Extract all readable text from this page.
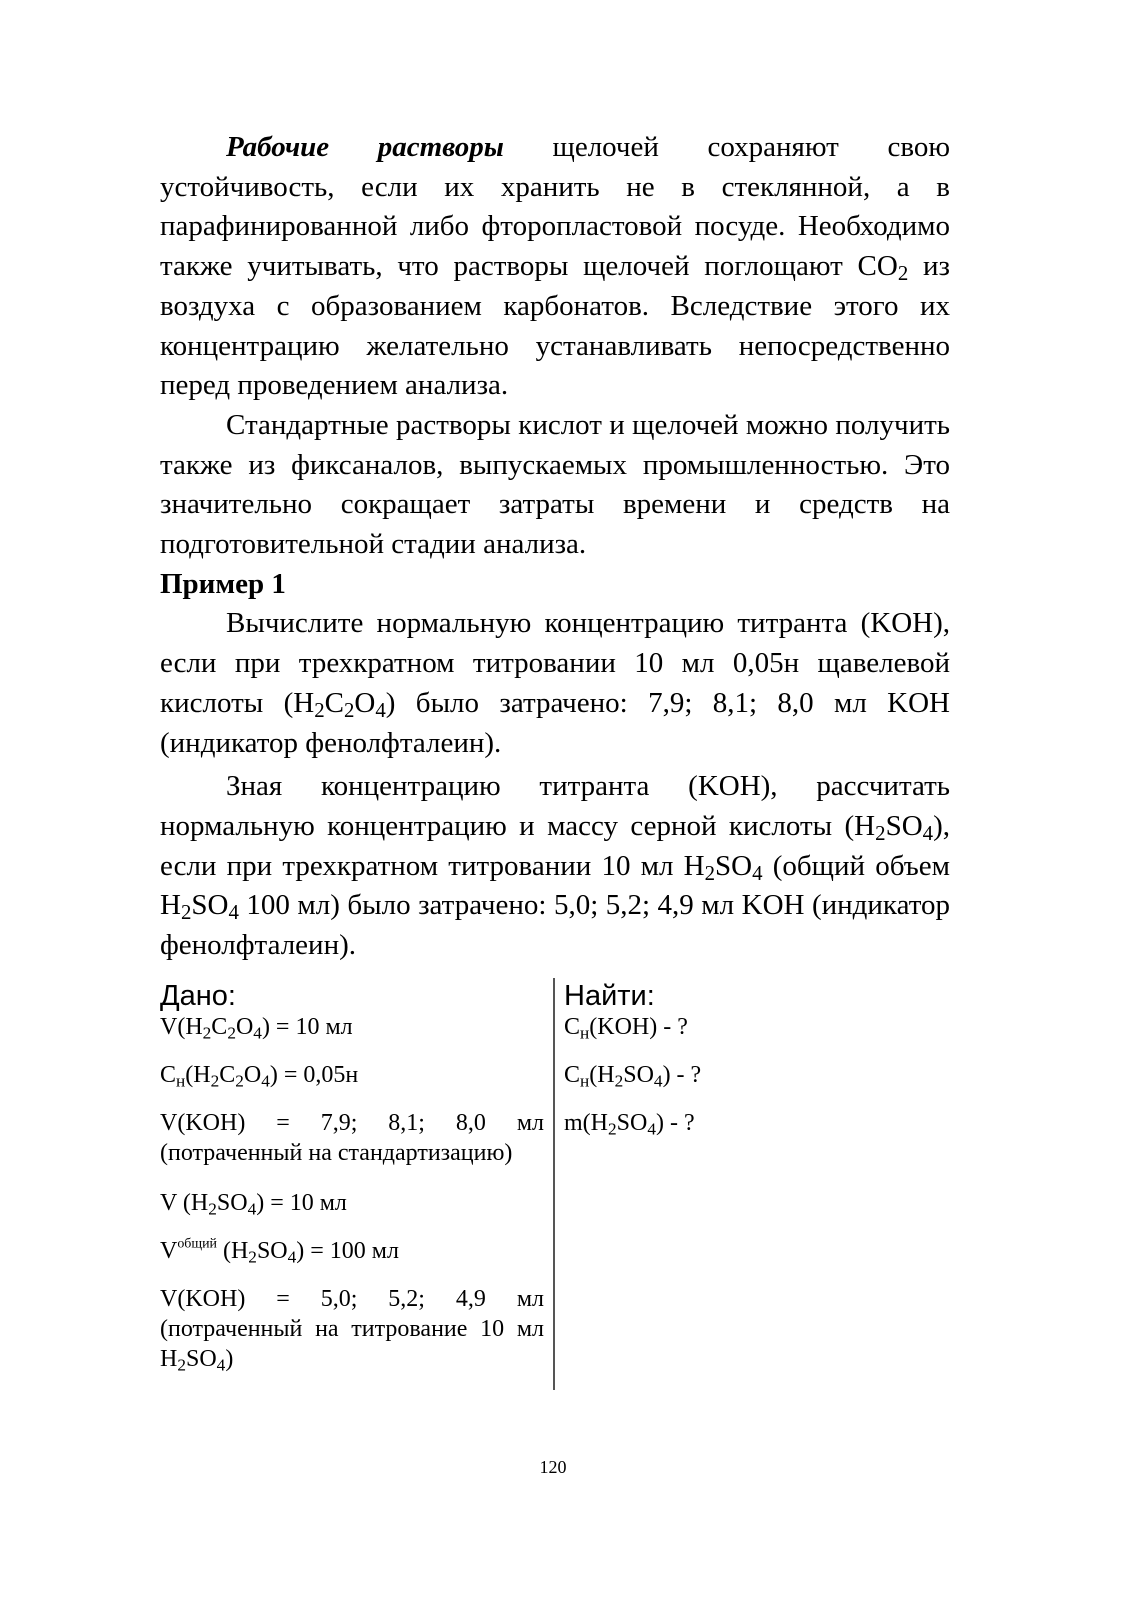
Рабочие растворы щелочей сохраняют свою устойчивость, если их хранить не в стеклянной, а в парафинированной либо фторопластовой посуде. Необходимо также учитывать, что растворы щелочей поглощают $CO_2$ из воздуха с образованием карбонатов. Вследствие этого их концентрацию желательно устанавливать непосредственно перед проведением анализа.

Стандартные растворы кислот и щелочей можно получить также из фиксаналов, выпускаемых промышленностью. Это значительно сокращает затраты времени и средств на подготовительной стадии анализа.

Пример 1

Вычислите нормальную концентрацию титранта (KOH), если при трехкратном титровании 10 мл 0,05н щавелевой кислоты $(H_2C_2O_4)$ было затрачено: 7,9; 8,1; 8,0 мл KOH (индикатор фенолфталеин).

Зная концентрацию титранта (KOH), рассчитать нормальную концентрацию и массу серной кислоты $(H_2SO_4)$, если при трехкратном титровании 10 мл $H_2SO_4$ (общий объем $H_2SO_4$ 100 мл) было затрачено: 5,0; 5,2; 4,9 мл KOH (индикатор фенолфталеин).

Дано:	Найти:
$V(H_2C_2O_4) = 10$ мл
$C_н(H_2C_2O_4) = 0,05н$
V(KOH) = 7,9; 8,1; 8,0 мл (потраченный на стандартизацию)
V $(H_2SO_4) = 10$ мл
$V^{общий}$ $(H_2SO_4) = 100$ мл
V(KOH) = 5,0; 5,2; 4,9 мл (потраченный на титрование 10 мл $H_2SO_4$)
$C_н(KOH)$ - ?
$C_н(H_2SO_4)$ - ?
$m(H_2SO_4)$ - ?
120
